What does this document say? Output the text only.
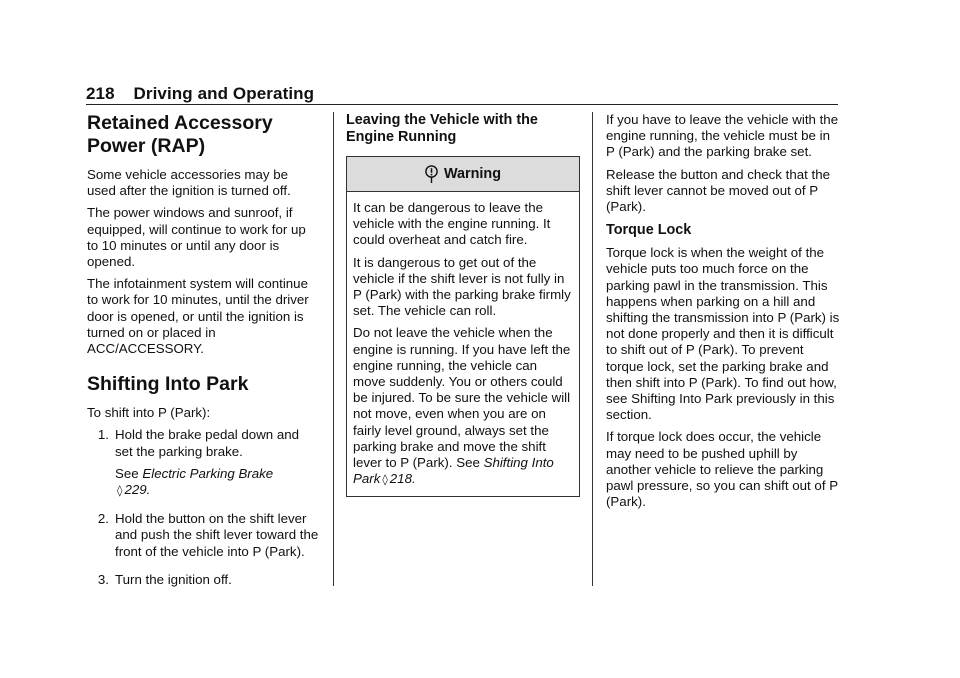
218 Driving and Operating
Retained Accessory
Power (RAP)

Some vehicle accessories may be used after the ignition is turned off.

The power windows and sunroof, if equipped, will continue to work for up to 10 minutes or until any door is opened.

The infotainment system will continue to work for 10 minutes, until the driver door is opened, or until the ignition is turned on or placed in ACC/ACCESSORY.

Shifting Into Park

To shift into P (Park):

1. Hold the brake pedal down and set the parking brake.

See Electric Parking Brake
◊ 229.

2. Hold the button on the shift lever and push the shift lever toward the front of the vehicle into P (Park).

3. Turn the ignition off.

Leaving the Vehicle with the
Engine Running
Warning

It can be dangerous to leave the vehicle with the engine running. It could overheat and catch fire.

It is dangerous to get out of the vehicle if the shift lever is not fully in P (Park) with the parking brake firmly set. The vehicle can roll.

Do not leave the vehicle when the engine is running. If you have left the engine running, the vehicle can move suddenly. You or others could be injured. To be sure the vehicle will not move, even when you are on fairly level ground, always set the parking brake and move the shift lever to P (Park). See Shifting Into Park ◊ 218.

If you have to leave the vehicle with the engine running, the vehicle must be in P (Park) and the parking brake set.

Release the button and check that the shift lever cannot be moved out of P (Park).

Torque Lock

Torque lock is when the weight of the vehicle puts too much force on the parking pawl in the transmission. This happens when parking on a hill and shifting the transmission into P (Park) is not done properly and then it is difficult to shift out of P (Park). To prevent torque lock, set the parking brake and then shift into P (Park). To find out how, see Shifting Into Park previously in this section.

If torque lock does occur, the vehicle may need to be pushed uphill by another vehicle to relieve the parking pawl pressure, so you can shift out of P (Park).
